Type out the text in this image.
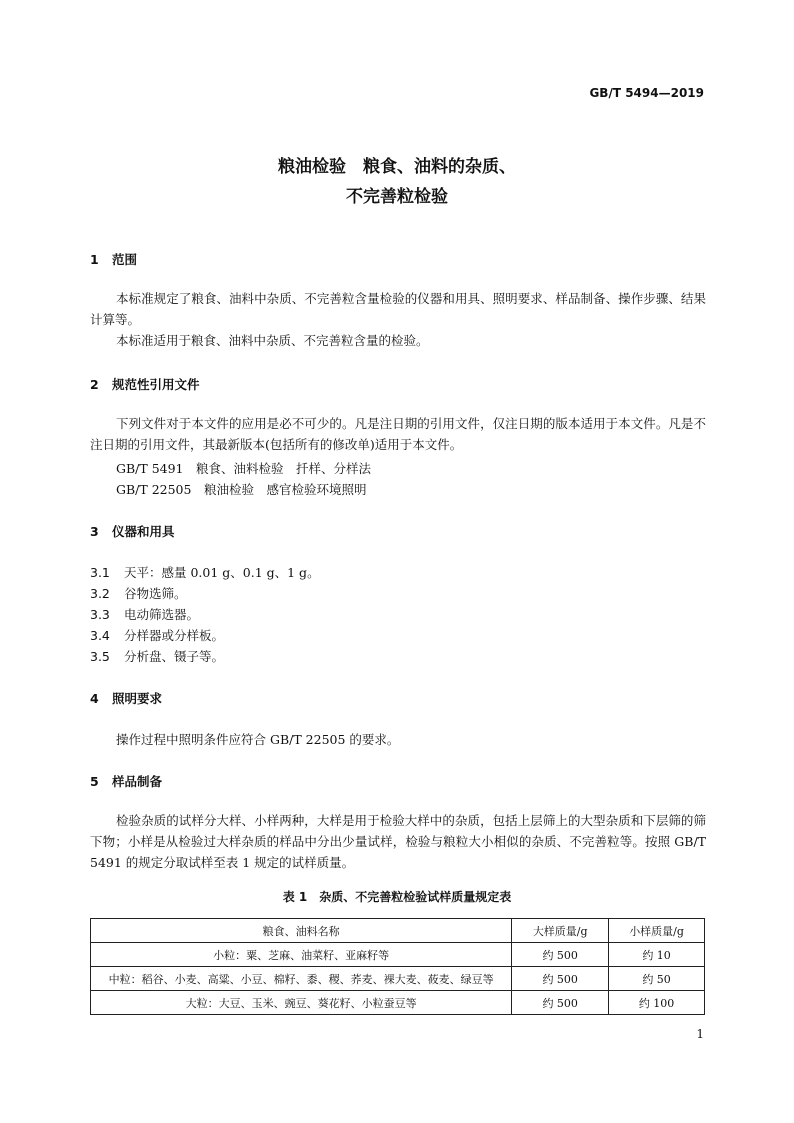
GB/T 5494—2019
粮油检验　粮食、油料的杂质、
不完善粒检验
1 范围
本标准规定了粮食、油料中杂质、不完善粒含量检验的仪器和用具、照明要求、样品制备、操作步骤、结果计算等。
本标准适用于粮食、油料中杂质、不完善粒含量的检验。
2 规范性引用文件
下列文件对于本文件的应用是必不可少的。凡是注日期的引用文件，仅注日期的版本适用于本文件。凡是不注日期的引用文件，其最新版本(包括所有的修改单)适用于本文件。
GB/T 5491　粮食、油料检验　扦样、分样法
GB/T 22505　粮油检验　感官检验环境照明
3 仪器和用具
3.1 天平：感量 0.01 g、0.1 g、1 g。
3.2 谷物选筛。
3.3 电动筛选器。
3.4 分样器或分样板。
3.5 分析盘、镊子等。
4 照明要求
操作过程中照明条件应符合 GB/T 22505 的要求。
5 样品制备
检验杂质的试样分大样、小样两种，大样是用于检验大样中的杂质，包括上层筛上的大型杂质和下层筛的筛下物；小样是从检验过大样杂质的样品中分出少量试样，检验与粮粒大小相似的杂质、不完善粒等。按照 GB/T 5491 的规定分取试样至表 1 规定的试样质量。
表 1　杂质、不完善粒检验试样质量规定表
粮食、油料名称	大样质量/g	小样质量/g
小粒：粟、芝麻、油菜籽、亚麻籽等	约 500	约 10
中粒：稻谷、小麦、高粱、小豆、棉籽、黍、稷、荞麦、裸大麦、莜麦、绿豆等	约 500	约 50
大粒：大豆、玉米、豌豆、葵花籽、小粒蚕豆等	约 500	约 100
1
